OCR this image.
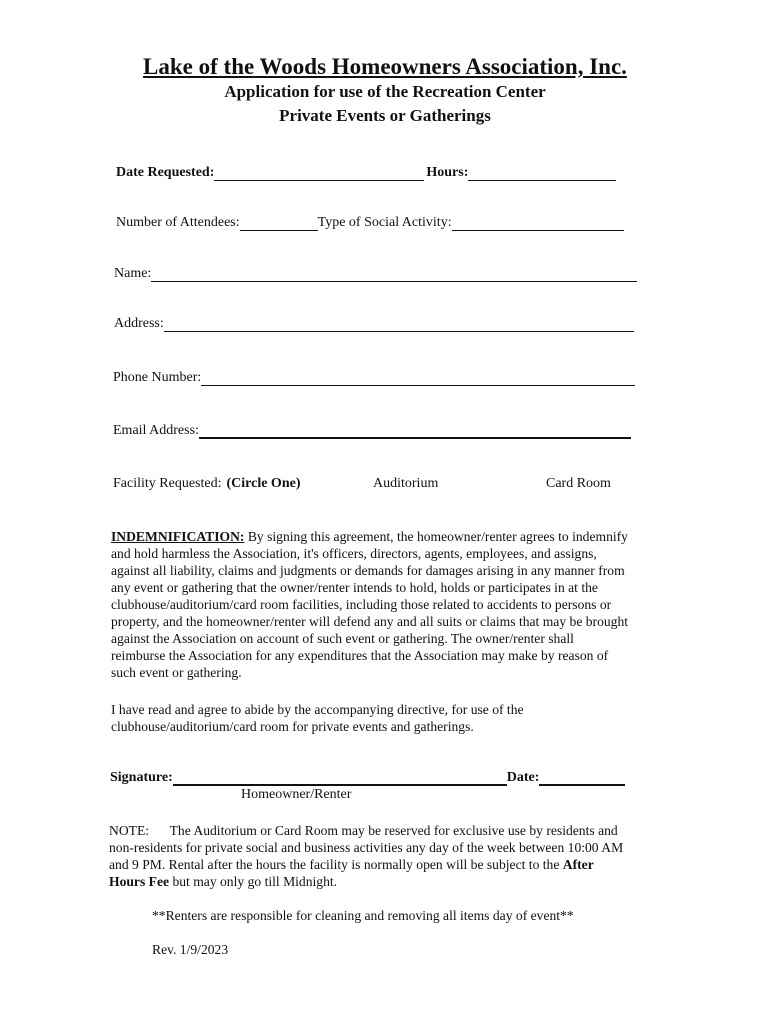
Lake of the Woods Homeowners Association, Inc.
Application for use of the Recreation Center
Private Events or Gatherings
Date Requested:	Hours:
Number of Attendees:	Type of Social Activity:
Name:
Address:
Phone Number:
Email Address:
Facility Requested: (Circle One)	Auditorium	Card Room
INDEMNIFICATION: By signing this agreement, the homeowner/renter agrees to indemnify and hold harmless the Association, it's officers, directors, agents, employees, and assigns, against all liability, claims and judgments or demands for damages arising in any manner from any event or gathering that the owner/renter intends to hold, holds or participates in at the clubhouse/auditorium/card room facilities, including those related to accidents to persons or property, and the homeowner/renter will defend any and all suits or claims that may be brought against the Association on account of such event or gathering. The owner/renter shall reimburse the Association for any expenditures that the Association may make by reason of such event or gathering.
I have read and agree to abide by the accompanying directive, for use of the clubhouse/auditorium/card room for private events and gatherings.
Signature:	Date:
Homeowner/Renter
NOTE: The Auditorium or Card Room may be reserved for exclusive use by residents and non-residents for private social and business activities any day of the week between 10:00 AM and 9 PM. Rental after the hours the facility is normally open will be subject to the After Hours Fee but may only go till Midnight.
**Renters are responsible for cleaning and removing all items day of event**
Rev. 1/9/2023
